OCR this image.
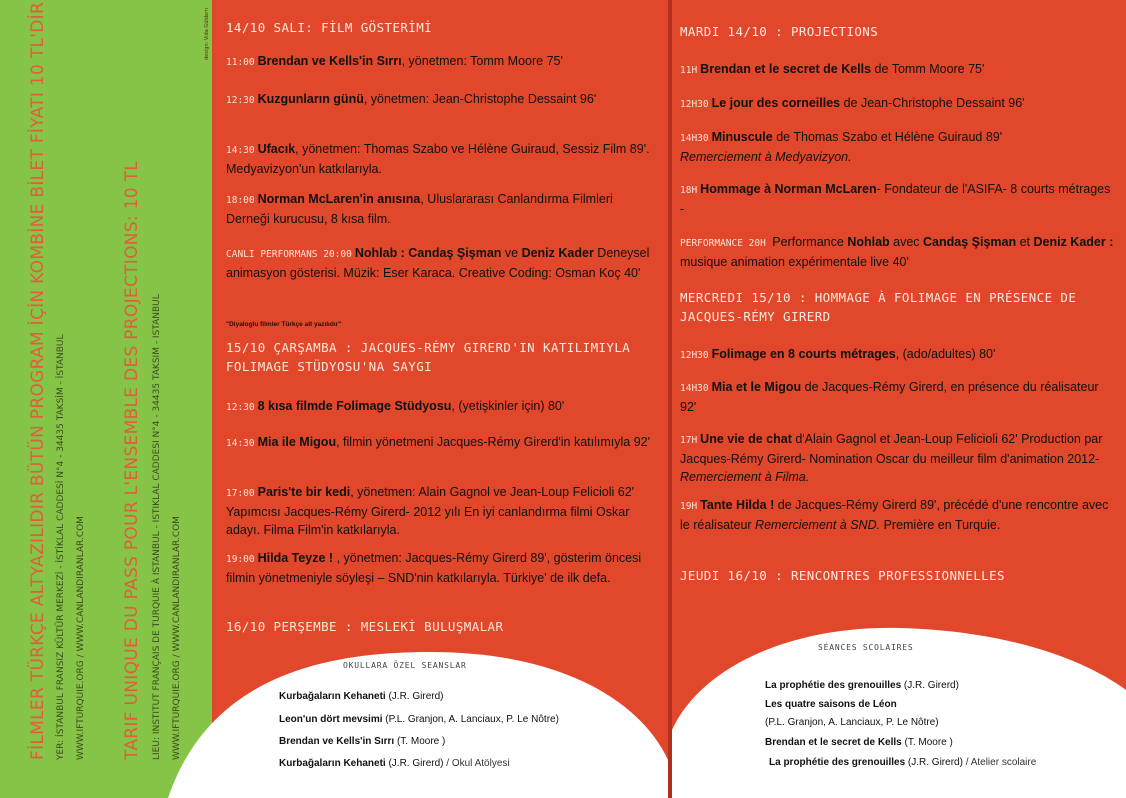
FİLMLER TÜRKÇE ALTYAZILIDIR BÜTÜN PROGRAM İÇİN KOMBİNE BİLET FİYATI 10 TL'DİR YER: İSTANBUL FRANSIZ KÜLTÜR MERKEZİ - İSTİKLAL CADDESİ N°4 - 34435 TAKSİM - İSTANBUL WWW.IFTURQUIE.ORG / WWW.CANLANDIRANLAR.COM TARIF UNIQUE DU PASS POUR L'ENSEMBLE DES PROJECTIONS: 10 TL LIEU: INSTITUT FRANÇAIS DE TURQUIE À ISTANBUL - ISTIKLAL CADDESI N°4 - 34435 TAKSIM - ISTANBUL WWW.IFTURQUIE.ORG / WWW.CANLANDIRANLAR.COM
design: Vida Güldem 14/10 SALI: FİLM GÖSTERİMİ
11:00 Brendan ve Kells'in Sırrı, yönetmen: Tomm Moore 75'
12:30 Kuzgunların günü, yönetmen: Jean-Christophe Dessaint 96'
14:30 Ufacık, yönetmen: Thomas Szabo ve Hélène Guiraud, Sessiz Film 89'. Medyavizyon'un katkılarıyla.
18:00 Norman McLaren'in anısına, Uluslararası Canlandırma Filmleri Derneği kurucusu, 8 kısa film.
CANLI PERFORMANS 20:00 Nohlab : Candaş Şişman ve Deniz Kader Deneysel animasyon gösterisi. Müzik: Eser Karaca. Creative Coding: Osman Koç 40'
"Diyaloglu filmler Türkçe alt yazılıdır"
15/10 ÇARŞAMBA : JACQUES-RÉMY GIRERD'IN KATILIMIYLA
FOLIMAGE STÜDYOSU'NA SAYGI
12:30 8 kısa filmde Folimage Stüdyosu, (yetişkinler için) 80'
14:30 Mia ile Migou, filmin yönetmeni Jacques-Rémy Girerd'in katılımıyla 92'
17:00 Paris'te bir kedi, yönetmen: Alain Gagnol ve Jean-Loup Felicioli 62' Yapımcısı Jacques-Rémy Girerd- 2012 yılı En iyi canlandırma filmi Oskar adayı. Filma Film'in katkılarıyla.
19:00 Hilda Teyze ! , yönetmen: Jacques-Rémy Girerd 89', gösterim öncesi filmin yönetmeniyle söyleşi – SND'nin katkılarıyla. Türkiye' de ilk defa.
16/10 PERŞEMBE : MESLEKİ BULUŞMALAR
MARDI 14/10 : PROJECTIONS
11H Brendan et le secret de Kells de Tomm Moore 75'
12H30 Le jour des corneilles de Jean-Christophe Dessaint 96'
14H30 Minuscule de Thomas Szabo et Hélène Guiraud 89'
Remerciement à Medyavizyon.
18H Hommage à Norman McLaren- Fondateur de l'ASIFA- 8 courts métrages -
PERFORMANCE 20H Performance Nohlab avec Candaş Şişman et Deniz Kader : musique animation expérimentale live 40'
MERCREDI 15/10 : HOMMAGE À FOLIMAGE EN PRÉSENCE DE
JACQUES-RÉMY GIRERD
12H30 Folimage en 8 courts métrages, (ado/adultes) 80'
14H30 Mia et le Migou de Jacques-Rémy Girerd, en présence du réalisateur 92'
17H Une vie de chat d'Alain Gagnol et Jean-Loup Felicioli 62' Production par Jacques-Rémy Girerd- Nomination Oscar du meilleur film d'animation 2012- Remerciement à Filma.
19H Tante Hilda ! de Jacques-Rémy Girerd 89', précédé d'une rencontre avec le réalisateur Remerciement à SND. Première en Turquie.
JEUDI 16/10 : RENCONTRES PROFESSIONNELLES
OKULLARA ÖZEL SEANSLAR
Kurbağaların Kehaneti (J.R. Girerd)
Leon'un dört mevsimi (P.L. Granjon, A. Lanciaux, P. Le Nôtre)
Brendan ve Kells'in Sırrı (T. Moore )
Kurbağaların Kehaneti (J.R. Girerd) / Okul Atölyesi
SÉANCES SCOLAIRES
La prophétie des grenouilles (J.R. Girerd)
Les quatre saisons de Léon
(P.L. Granjon, A. Lanciaux, P. Le Nôtre)
Brendan et le secret de Kells (T. Moore )
La prophétie des grenouilles (J.R. Girerd) / Atelier scolaire
